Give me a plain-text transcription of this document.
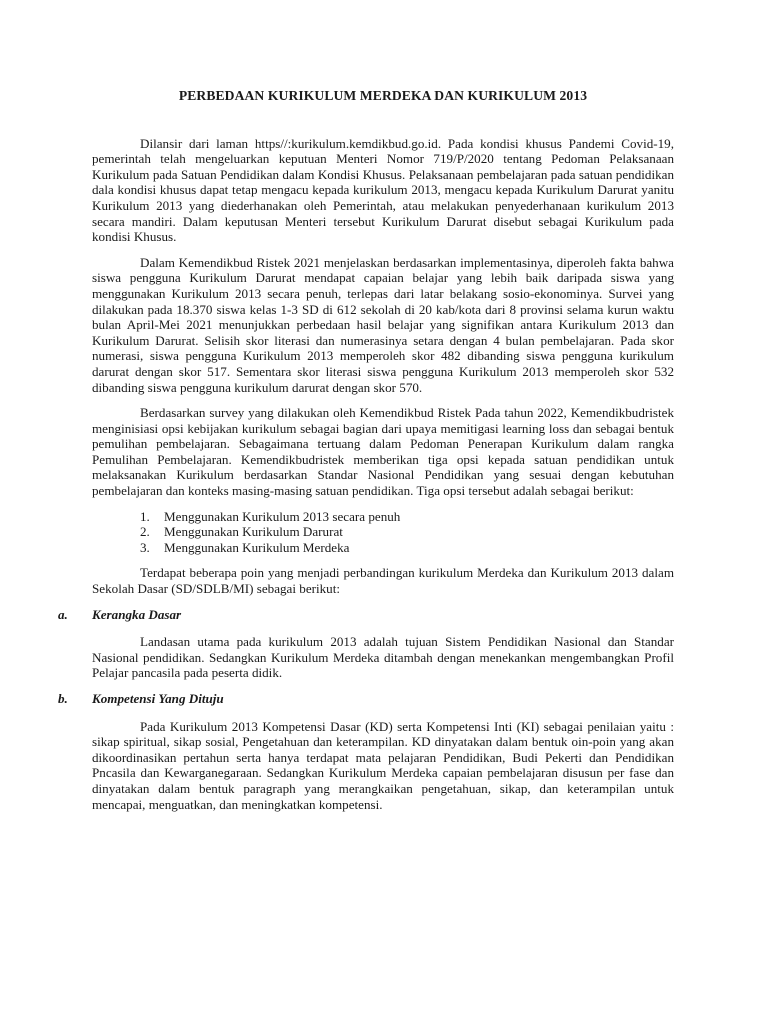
PERBEDAAN KURIKULUM MERDEKA DAN KURIKULUM 2013

Dilansir dari laman https//:kurikulum.kemdikbud.go.id. Pada kondisi khusus Pandemi Covid-19, pemerintah telah mengeluarkan keputuan Menteri Nomor 719/P/2020 tentang Pedoman Pelaksanaan Kurikulum pada Satuan Pendidikan dalam Kondisi Khusus. Pelaksanaan pembelajaran pada satuan pendidikan dala kondisi khusus dapat tetap mengacu kepada kurikulum 2013, mengacu kepada Kurikulum Darurat yanitu Kurikulum 2013 yang diederhanakan oleh Pemerintah, atau melakukan penyederhanaan kurikulum 2013 secara mandiri. Dalam keputusan Menteri tersebut Kurikulum Darurat disebut sebagai Kurikulum pada kondisi Khusus.

Dalam Kemendikbud Ristek 2021 menjelaskan berdasarkan implementasinya, diperoleh fakta bahwa siswa pengguna Kurikulum Darurat mendapat capaian belajar yang lebih baik daripada siswa yang menggunakan Kurikulum 2013 secara penuh, terlepas dari latar belakang sosio-ekonominya. Survei yang dilakukan pada 18.370 siswa kelas 1-3 SD di 612 sekolah di 20 kab/kota dari 8 provinsi selama kurun waktu bulan April-Mei 2021 menunjukkan perbedaan hasil belajar yang signifikan antara Kurikulum 2013 dan Kurikulum Darurat. Selisih skor literasi dan numerasinya setara dengan 4 bulan pembelajaran. Pada skor numerasi, siswa pengguna Kurikulum 2013 memperoleh skor 482 dibanding siswa pengguna kurikulum darurat dengan skor 517. Sementara skor literasi siswa pengguna Kurikulum 2013 memperoleh skor 532 dibanding siswa pengguna kurikulum darurat dengan skor 570.

Berdasarkan survey yang dilakukan oleh Kemendikbud Ristek Pada tahun 2022, Kemendikbudristek menginisiasi opsi kebijakan kurikulum sebagai bagian dari upaya memitigasi learning loss dan sebagai bentuk pemulihan pembelajaran. Sebagaimana tertuang dalam Pedoman Penerapan Kurikulum dalam rangka Pemulihan Pembelajaran. Kemendikbudristek memberikan tiga opsi kepada satuan pendidikan untuk melaksanakan Kurikulum berdasarkan Standar Nasional Pendidikan yang sesuai dengan kebutuhan pembelajaran dan konteks masing-masing satuan pendidikan. Tiga opsi tersebut adalah sebagai berikut:

1. Menggunakan Kurikulum 2013 secara penuh
2. Menggunakan Kurikulum Darurat
3. Menggunakan Kurikulum Merdeka

Terdapat beberapa poin yang menjadi perbandingan kurikulum Merdeka dan Kurikulum 2013 dalam Sekolah Dasar (SD/SDLB/MI) sebagai berikut:

a.	Kerangka Dasar

Landasan utama pada kurikulum 2013 adalah tujuan Sistem Pendidikan Nasional dan Standar Nasional pendidikan. Sedangkan Kurikulum Merdeka ditambah dengan menekankan mengembangkan Profil Pelajar pancasila pada peserta didik.

b.	Kompetensi Yang Dituju

Pada Kurikulum 2013 Kompetensi Dasar (KD) serta Kompetensi Inti (KI) sebagai penilaian yaitu : sikap spiritual, sikap sosial, Pengetahuan dan keterampilan. KD dinyatakan dalam bentuk oin-poin yang akan dikoordinasikan pertahun serta hanya terdapat mata pelajaran Pendidikan, Budi Pekerti dan Pendidikan Pncasila dan Kewarganegaraan. Sedangkan Kurikulum Merdeka capaian pembelajaran disusun per fase dan dinyatakan dalam bentuk paragraph yang merangkaikan pengetahuan, sikap, dan keterampilan untuk mencapai, menguatkan, dan meningkatkan kompetensi.
